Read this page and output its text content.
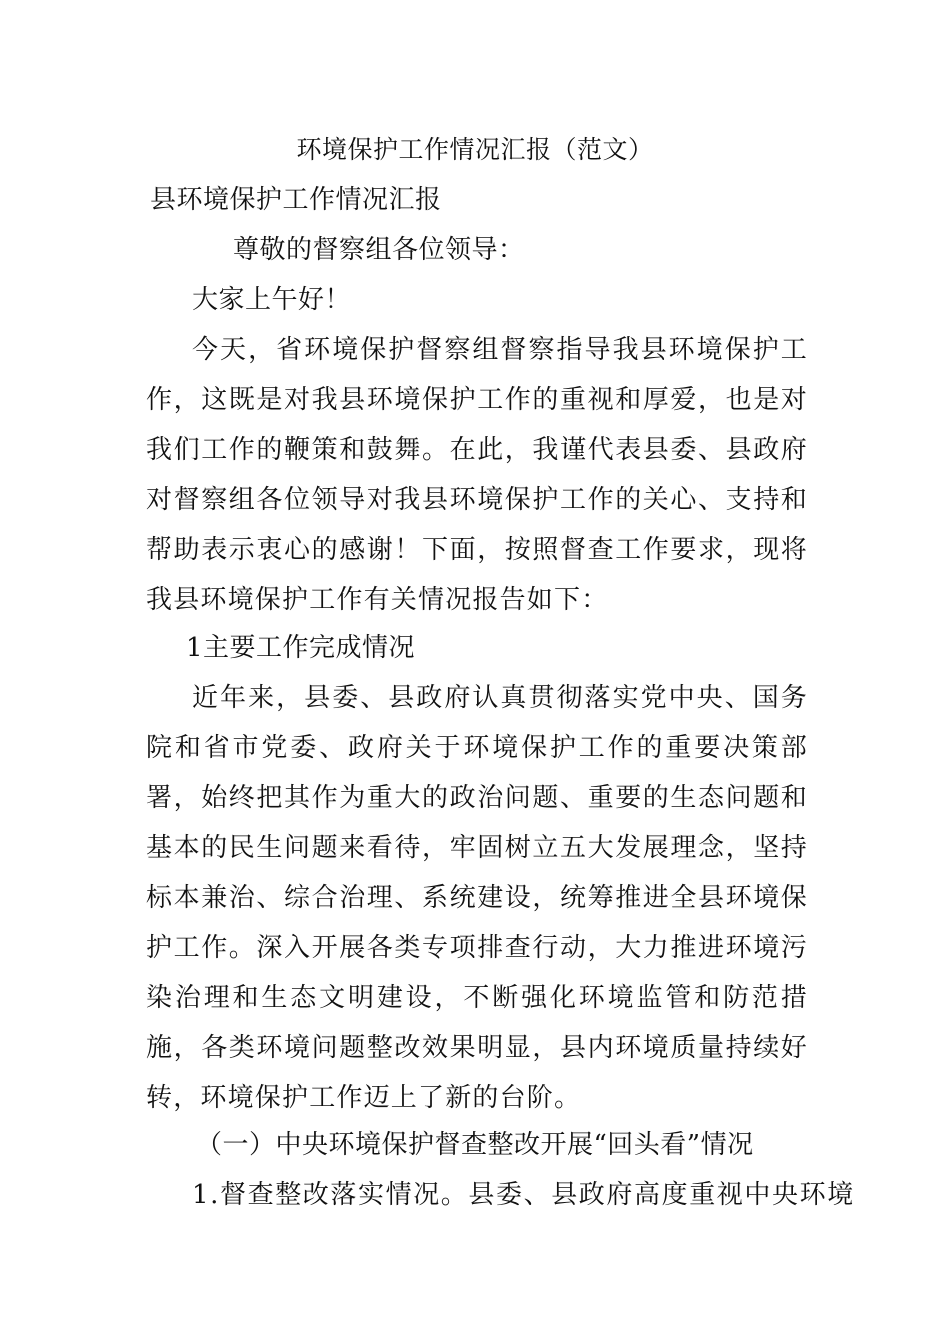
环境保护工作情况汇报（范文）
县环境保护工作情况汇报
尊敬的督察组各位领导：
大家上午好！
今天，省环境保护督察组督察指导我县环境保护工作，这既是对我县环境保护工作的重视和厚爱，也是对我们工作的鞭策和鼓舞。在此，我谨代表县委、县政府对督察组各位领导对我县环境保护工作的关心、支持和帮助表示衷心的感谢！下面，按照督查工作要求，现将我县环境保护工作有关情况报告如下：
1主要工作完成情况
近年来，县委、县政府认真贯彻落实党中央、国务院和省市党委、政府关于环境保护工作的重要决策部署，始终把其作为重大的政治问题、重要的生态问题和基本的民生问题来看待，牢固树立五大发展理念，坚持标本兼治、综合治理、系统建设，统筹推进全县环境保护工作。深入开展各类专项排查行动，大力推进环境污染治理和生态文明建设，不断强化环境监管和防范措施，各类环境问题整改效果明显，县内环境质量持续好转，环境保护工作迈上了新的台阶。
（一）中央环境保护督查整改开展“回头看”情况
1.督查整改落实情况。县委、县政府高度重视中央环境
